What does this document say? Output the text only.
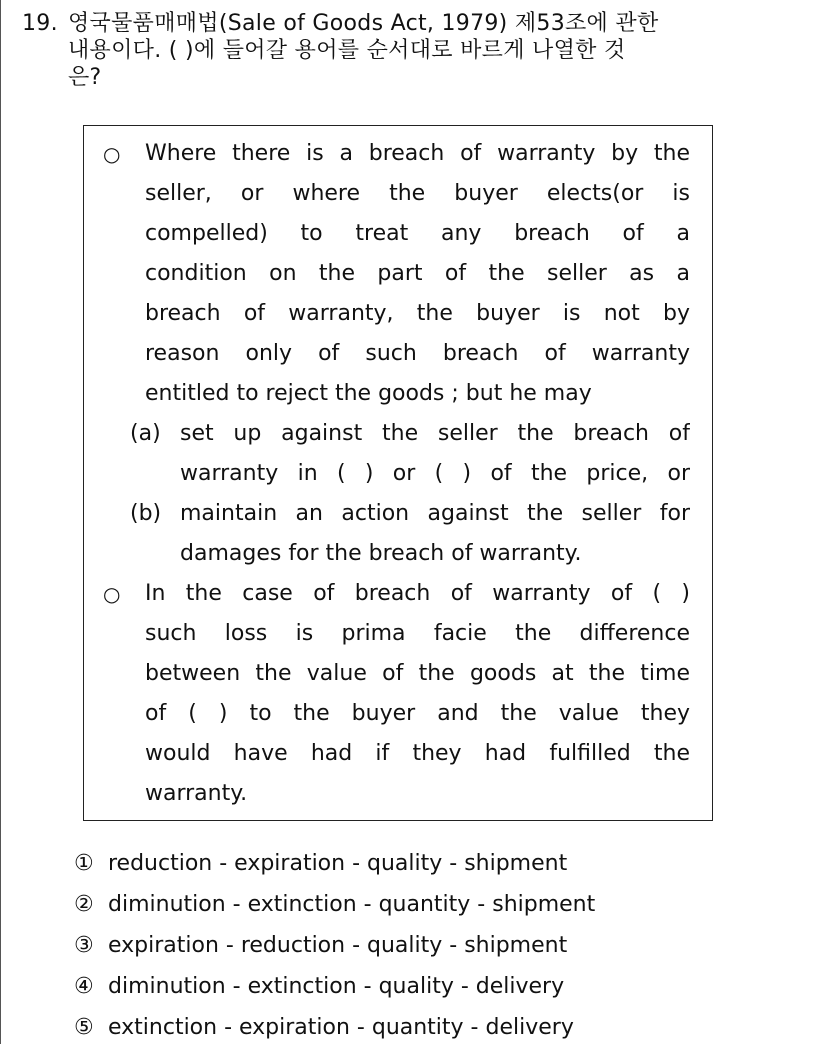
19. 영국물품매매법(Sale of Goods Act, 1979) 제53조에 관한
내용이다. ( )에 들어갈 용어를 순서대로 바르게 나열한 것
은?
○ Where there is a breach of warranty by the
seller, or where the buyer elects(or is
compelled) to treat any breach of a
condition on the part of the seller as a
breach of warranty, the buyer is not by
reason only of such breach of warranty
entitled to reject the goods ; but he may
(a) set up against the seller the breach of
warranty in ( ) or ( ) of the price, or
(b) maintain an action against the seller for
damages for the breach of warranty.
○ In the case of breach of warranty of ( )
such loss is prima facie the difference
between the value of the goods at the time
of ( ) to the buyer and the value they
would have had if they had fulfilled the
warranty.
① reduction - expiration - quality - shipment
② diminution - extinction - quantity - shipment
③ expiration - reduction - quality - shipment
④ diminution - extinction - quality - delivery
⑤ extinction - expiration - quantity - delivery
